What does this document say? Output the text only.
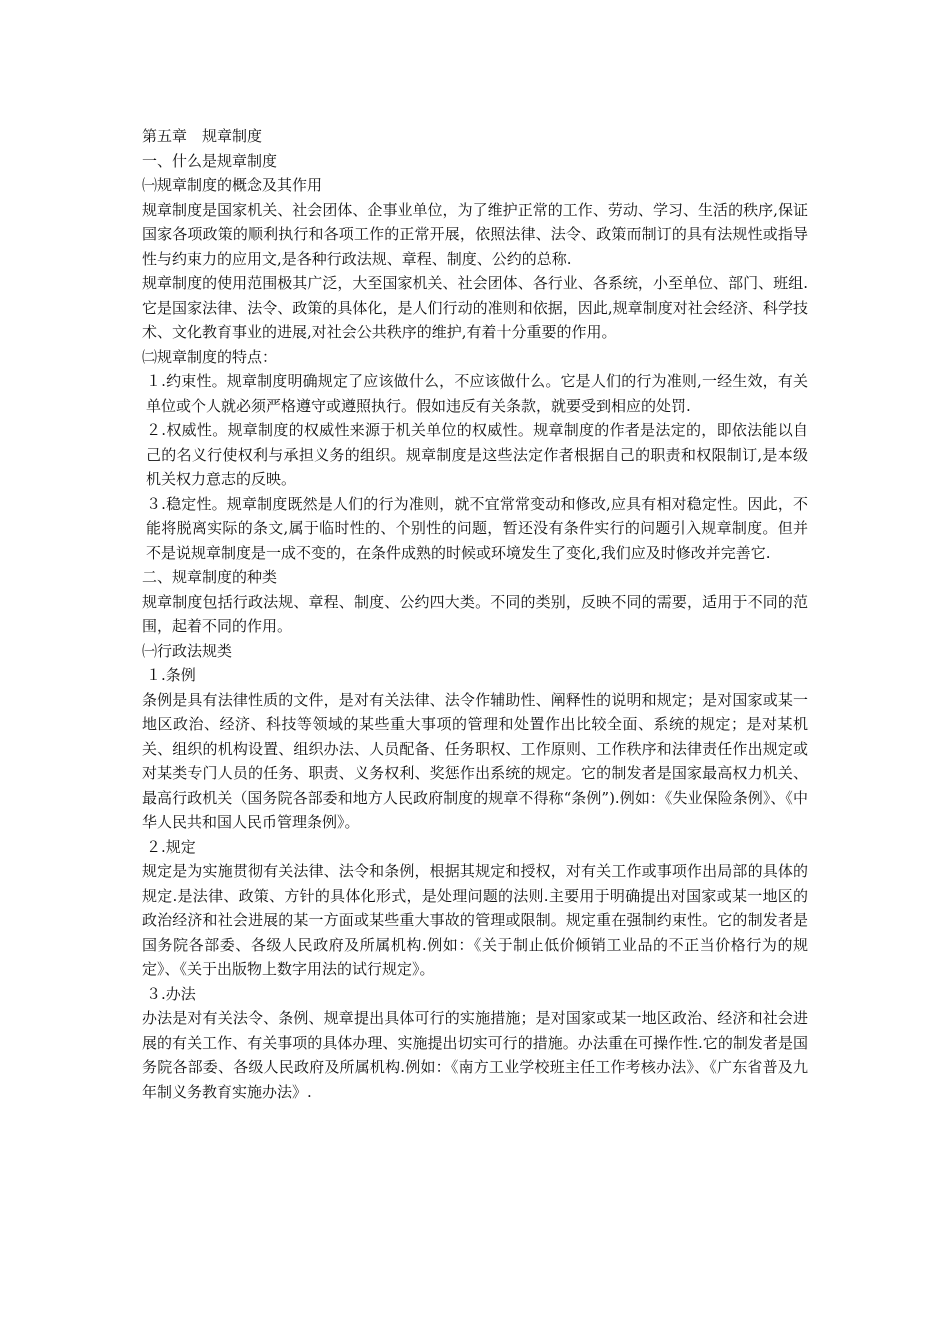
第五章　规章制度

一、什么是规章制度

㈠规章制度的概念及其作用

规章制度是国家机关、社会团体、企事业单位，为了维护正常的工作、劳动、学习、生活的秩序,保证国家各项政策的顺利执行和各项工作的正常开展，依照法律、法令、政策而制订的具有法规性或指导性与约束力的应用文,是各种行政法规、章程、制度、公约的总称.

规章制度的使用范围极其广泛，大至国家机关、社会团体、各行业、各系统，小至单位、部门、班组.它是国家法律、法令、政策的具体化，是人们行动的准则和依据，因此,规章制度对社会经济、科学技术、文化教育事业的进展,对社会公共秩序的维护,有着十分重要的作用。

㈡规章制度的特点：

１.约束性。规章制度明确规定了应该做什么，不应该做什么。它是人们的行为准则,一经生效，有关单位或个人就必须严格遵守或遵照执行。假如违反有关条款，就要受到相应的处罚.

２.权威性。规章制度的权威性来源于机关单位的权威性。规章制度的作者是法定的，即依法能以自己的名义行使权利与承担义务的组织。规章制度是这些法定作者根据自己的职责和权限制订,是本级机关权力意志的反映。

３.稳定性。规章制度既然是人们的行为准则，就不宜常常变动和修改,应具有相对稳定性。因此，不能将脱离实际的条文,属于临时性的、个别性的问题，暂还没有条件实行的问题引入规章制度。但并不是说规章制度是一成不变的，在条件成熟的时候或环境发生了变化,我们应及时修改并完善它.

二、规章制度的种类

规章制度包括行政法规、章程、制度、公约四大类。不同的类别，反映不同的需要，适用于不同的范围，起着不同的作用。

㈠行政法规类

１.条例

条例是具有法律性质的文件，是对有关法律、法令作辅助性、阐释性的说明和规定；是对国家或某一地区政治、经济、科技等领域的某些重大事项的管理和处置作出比较全面、系统的规定；是对某机关、组织的机构设置、组织办法、人员配备、任务职权、工作原则、工作秩序和法律责任作出规定或对某类专门人员的任务、职责、义务权利、奖惩作出系统的规定。它的制发者是国家最高权力机关、最高行政机关（国务院各部委和地方人民政府制度的规章不得称“条例”).例如：《失业保险条例》、《中华人民共和国人民币管理条例》。

２.规定

规定是为实施贯彻有关法律、法令和条例，根据其规定和授权，对有关工作或事项作出局部的具体的规定.是法律、政策、方针的具体化形式，是处理问题的法则.主要用于明确提出对国家或某一地区的政治经济和社会进展的某一方面或某些重大事故的管理或限制。规定重在强制约束性。它的制发者是国务院各部委、各级人民政府及所属机构.例如：《关于制止低价倾销工业品的不正当价格行为的规定》、《关于出版物上数字用法的试行规定》。

３.办法

办法是对有关法令、条例、规章提出具体可行的实施措施；是对国家或某一地区政治、经济和社会进展的有关工作、有关事项的具体办理、实施提出切实可行的措施。办法重在可操作性.它的制发者是国务院各部委、各级人民政府及所属机构.例如：《南方工业学校班主任工作考核办法》、《广东省普及九年制义务教育实施办法》.
